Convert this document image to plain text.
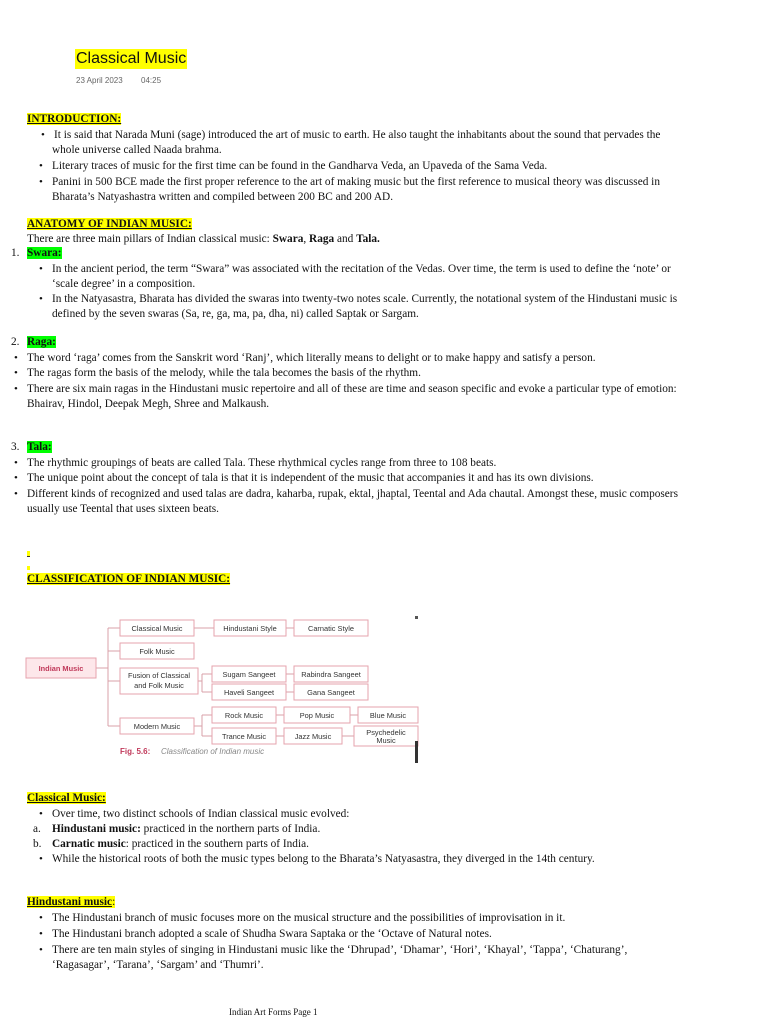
Classical Music
23 April 2023 04:25
INTRODUCTION:
• It is said that Narada Muni (sage) introduced the art of music to earth. He also taught the inhabitants about the sound that pervades the
whole universe called Naada brahma.
• Literary traces of music for the first time can be found in the Gandharva Veda, an Upaveda of the Sama Veda.
• Panini in 500 BCE made the first proper reference to the art of making music but the first reference to musical theory was discussed in
Bharata’s Natyashastra written and compiled between 200 BC and 200 AD.
ANATOMY OF INDIAN MUSIC:
There are three main pillars of Indian classical music: Swara, Raga and Tala.
1. Swara:
• In the ancient period, the term “Swara” was associated with the recitation of the Vedas. Over time, the term is used to define the ‘note’ or
‘scale degree’ in a composition.
• In the Natyasastra, Bharata has divided the swaras into twenty-two notes scale. Currently, the notational system of the Hindustani music is
defined by the seven swaras (Sa, re, ga, ma, pa, dha, ni) called Saptak or Sargam.
2. Raga:
• The word ‘raga’ comes from the Sanskrit word ‘Ranj’, which literally means to delight or to make happy and satisfy a person.
• The ragas form the basis of the melody, while the tala becomes the basis of the rhythm.
• There are six main ragas in the Hindustani music repertoire and all of these are time and season specific and evoke a particular type of emotion:
Bhairav, Hindol, Deepak Megh, Shree and Malkaush.
3. Tala:
• The rhythmic groupings of beats are called Tala. These rhythmical cycles range from three to 108 beats.
• The unique point about the concept of tala is that it is independent of the music that accompanies it and has its own divisions.
• Different kinds of recognized and used talas are dadra, kaharba, rupak, ektal, jhaptal, Teental and Ada chautal. Amongst these, music composers
usually use Teental that uses sixteen beats.
CLASSIFICATION OF INDIAN MUSIC:
Indian Music
Classical Music	Hindustani Style	Carnatic Style
Folk Music
Fusion of Classical
and Folk Music
Sugam Sangeet	Rabindra Sangeet
Haveli Sangeet	Gana Sangeet
Modern Music
Rock Music	Pop Music	Blue Music
Trance Music	Jazz Music	Psychedelic
Music
Fig. 5.6: Classification of Indian music
Classical Music:
• Over time, two distinct schools of Indian classical music evolved:
a. Hindustani music: practiced in the northern parts of India.
b. Carnatic music: practiced in the southern parts of India.
• While the historical roots of both the music types belong to the Bharata’s Natyasastra, they diverged in the 14th century.
Hindustani music:
• The Hindustani branch of music focuses more on the musical structure and the possibilities of improvisation in it.
• The Hindustani branch adopted a scale of Shudha Swara Saptaka or the ‘Octave of Natural notes.
• There are ten main styles of singing in Hindustani music like the ‘Dhrupad’, ‘Dhamar’, ‘Hori’, ‘Khayal’, ‘Tappa’, ‘Chaturang’,
‘Ragasagar’, ‘Tarana’, ‘Sargam’ and ‘Thumri’.
Indian Art Forms Page 1
